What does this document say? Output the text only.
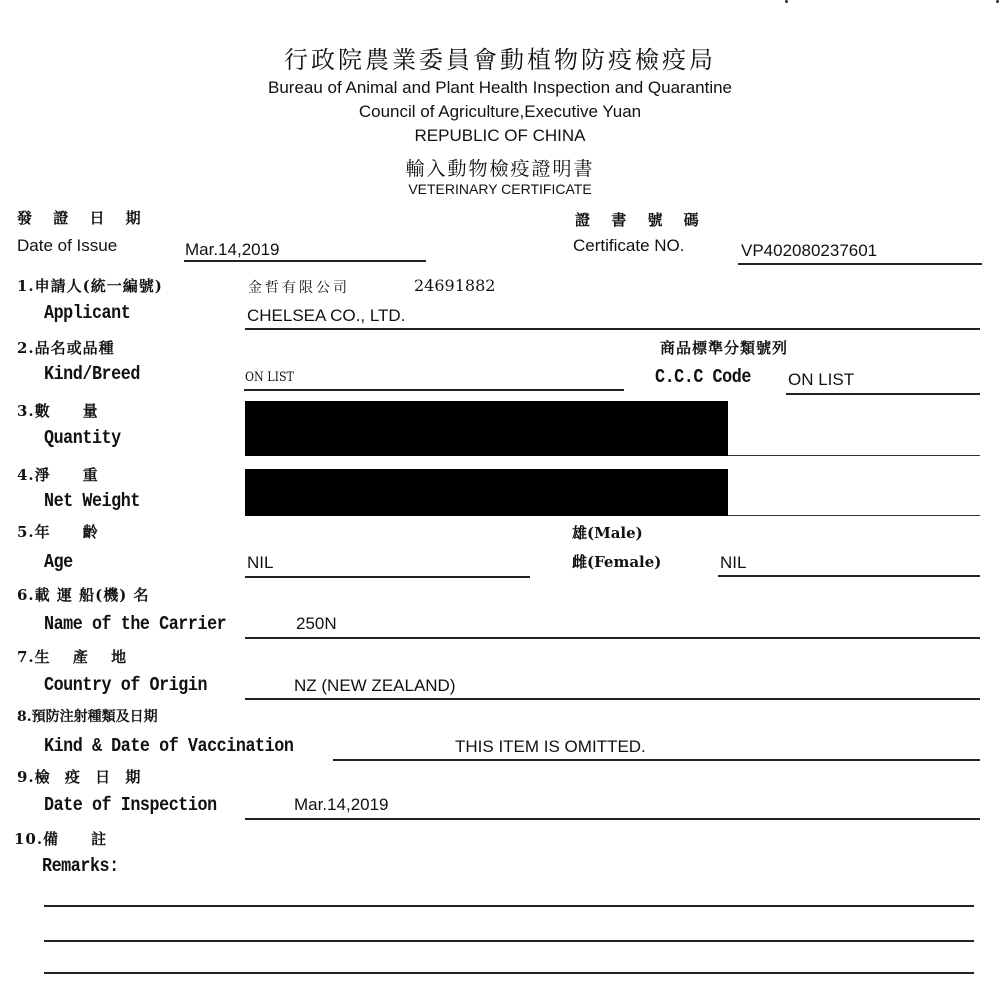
行政院農業委員會動植物防疫檢疫局
Bureau of Animal and Plant Health Inspection and Quarantine
Council of Agriculture,Executive Yuan
REPUBLIC OF CHINA
輸入動物檢疫證明書
VETERINARY CERTIFICATE
發 證 日 期
Date of Issue	Mar.14,2019
證 書 號 碼
Certificate NO.	VP402080237601
1.申請人(統一編號)
Applicant
金哲有限公司	24691882
CHELSEA CO., LTD.
2.品名或品種
Kind/Breed	ON LIST
商品標準分類號列
C.C.C Code ON LIST
3.數　　量
Quantity
4.淨　　重
Net Weight
5.年　　齡
Age	NIL
雄(Male)
雌(Female)	NIL
6.載 運 船(機) 名
Name of the Carrier	250N
7.生　 產　 地
Country of Origin	NZ (NEW ZEALAND)
8.預防注射種類及日期
Kind & Date of Vaccination	THIS ITEM IS OMITTED.
9.檢 疫 日 期
Date of Inspection	Mar.14,2019
10.備　　註
Remarks:
